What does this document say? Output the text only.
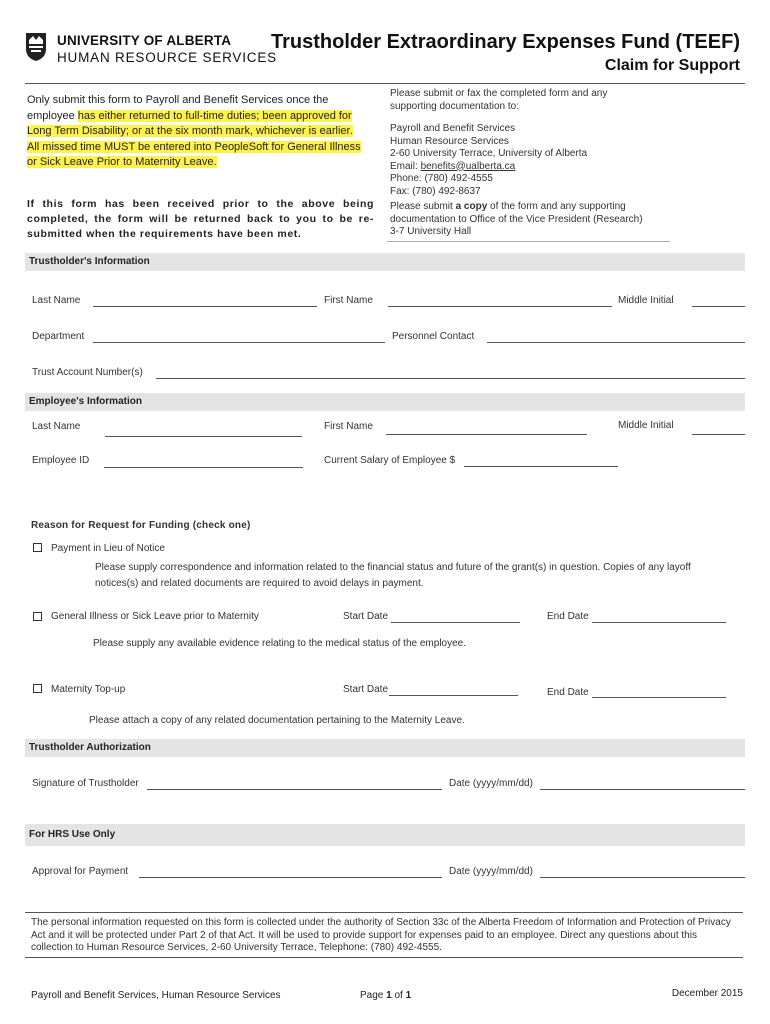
UNIVERSITY OF ALBERTA
HUMAN RESOURCE SERVICES
Trustholder Extraordinary Expenses Fund (TEEF)
Claim for Support
Only submit this form to Payroll and Benefit Services once the employee has either returned to full-time duties; been approved for Long Term Disability; or at the six month mark, whichever is earlier. All missed time MUST be entered into PeopleSoft for General Illness or Sick Leave Prior to Maternity Leave.
If this form has been received prior to the above being completed, the form will be returned back to you to be re-submitted when the requirements have been met.
Please submit or fax the completed form and any
supporting documentation to:
Payroll and Benefit Services
Human Resource Services
2-60 University Terrace, University of Alberta
Email: benefits@ualberta.ca
Phone: (780) 492-4555
Fax: (780) 492-8637
Please submit a copy of the form and any supporting
documentation to Office of the Vice President (Research)
3-7 University Hall
Trustholder's Information
Last Name	First Name	Middle Initial
Department	Personnel Contact
Trust Account Number(s)
Employee's Information
Last Name	First Name	Middle Initial
Employee ID	Current Salary of Employee $
Reason for Request for Funding (check one)
Payment in Lieu of Notice
Please supply correspondence and information related to the financial status and future of the grant(s) in question. Copies of any layoff
notices(s) and related documents are required to avoid delays in payment.
General Illness or Sick Leave prior to Maternity	Start Date	End Date
Please supply any available evidence relating to the medical status of the employee.
Maternity Top-up	Start Date	End Date
Please attach a copy of any related documentation pertaining to the Maternity Leave.
Trustholder Authorization
Signature of Trustholder	Date (yyyy/mm/dd)
For HRS Use Only
Approval for Payment	Date (yyyy/mm/dd)
The personal information requested on this form is collected under the authority of Section 33c of the Alberta Freedom of Information and Protection of Privacy Act and it will be protected under Part 2 of that Act. It will be used to provide support for expenses paid to an employee. Direct any questions about this collection to Human Resource Services, 2-60 University Terrace, Telephone: (780) 492-4555.
Payroll and Benefit Services, Human Resource Services	Page 1 of 1	December 2015
